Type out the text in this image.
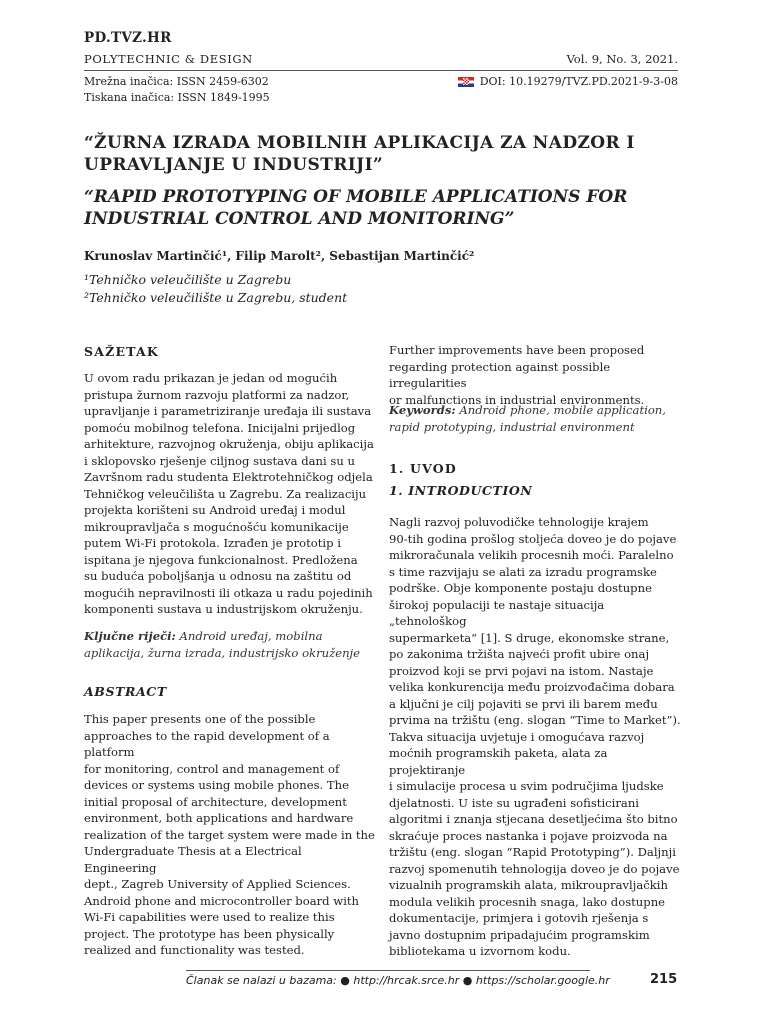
PD.TVZ.HR
POLYTECHNIC & DESIGN	Vol. 9, No. 3, 2021.
Mrežna inačica: ISSN 2459-6302
Tiskana inačica: ISSN 1849-1995
DOI: 10.19279/TVZ.PD.2021-9-3-08
“ŽURNA IZRADA MOBILNIH APLIKACIJA ZA NADZOR I
UPRAVLJANJE U INDUSTRIJI”
“RAPID PROTOTYPING OF MOBILE APPLICATIONS FOR
INDUSTRIAL CONTROL AND MONITORING”
Krunoslav Martinčić¹, Filip Marolt², Sebastijan Martinčić²
¹Tehničko veleučilište u Zagrebu
²Tehničko veleučilište u Zagrebu, student
SAŽETAK
U ovom radu prikazan je jedan od mogućih
pristupa žurnom razvoju platformi za nadzor,
upravljanje i parametriziranje uređaja ili sustava
pomoću mobilnog telefona. Inicijalni prijedlog
arhitekture, razvojnog okruženja, obiju aplikacija
i sklopovsko rješenje ciljnog sustava dani su u
Završnom radu studenta Elektrotehničkog odjela
Tehničkog veleučilišta u Zagrebu. Za realizaciju
projekta korišteni su Android uređaj i modul
mikroupravljača s mogućnošću komunikacije
putem Wi-Fi protokola. Izrađen je prototip i
ispitana je njegova funkcionalnost. Predložena
su buduća poboljšanja u odnosu na zaštitu od
mogućih nepravilnosti ili otkaza u radu pojedinih
komponenti sustava u industrijskom okruženju.
Ključne riječi: Android uređaj, mobilna
aplikacija, žurna izrada, industrijsko okruženje
ABSTRACT
This paper presents one of the possible
approaches to the rapid development of a platform
for monitoring, control and management of
devices or systems using mobile phones. The
initial proposal of architecture, development
environment, both applications and hardware
realization of the target system were made in the
Undergraduate Thesis at a Electrical Engineering
dept., Zagreb University of Applied Sciences.
Android phone and microcontroller board with
Wi-Fi capabilities were used to realize this
project. The prototype has been physically
realized and functionality was tested.
Further improvements have been proposed
regarding protection against possible irregularities
or malfunctions in industrial environments.
Keywords: Android phone, mobile application,
rapid prototyping, industrial environment
1. UVOD
1. INTRODUCTION
Nagli razvoj poluvodičke tehnologije krajem
90-tih godina prošlog stoljeća doveo je do pojave
mikroračunala velikih procesnih moći. Paralelno
s time razvijaju se alati za izradu programske
podrške. Obje komponente postaju dostupne
širokoj populaciji te nastaje situacija „tehnološkog
supermarketa“ [1]. S druge, ekonomske strane,
po zakonima tržišta najveći profit ubire onaj
proizvod koji se prvi pojavi na istom. Nastaje
velika konkurencija među proizvođačima dobara
a ključni je cilj pojaviti se prvi ili barem među
prvima na tržištu (eng. slogan “Time to Market”).
Takva situacija uvjetuje i omogućava razvoj
moćnih programskih paketa, alata za projektiranje
i simulacije procesa u svim područjima ljudske
djelatnosti. U iste su ugrađeni sofisticirani
algoritmi i znanja stjecana desetljećima što bitno
skraćuje proces nastanka i pojave proizvoda na
tržištu (eng. slogan “Rapid Prototyping”). Daljnji
razvoj spomenutih tehnologija doveo je do pojave
vizualnih programskih alata, mikroupravljačkih
modula velikih procesnih snaga, lako dostupne
dokumentacije, primjera i gotovih rješenja s
javno dostupnim pripadajućim programskim
bibliotekama u izvornom kodu.
Članak se nalazi u bazama: ● http://hrcak.srce.hr ● https://scholar.google.hr	215
